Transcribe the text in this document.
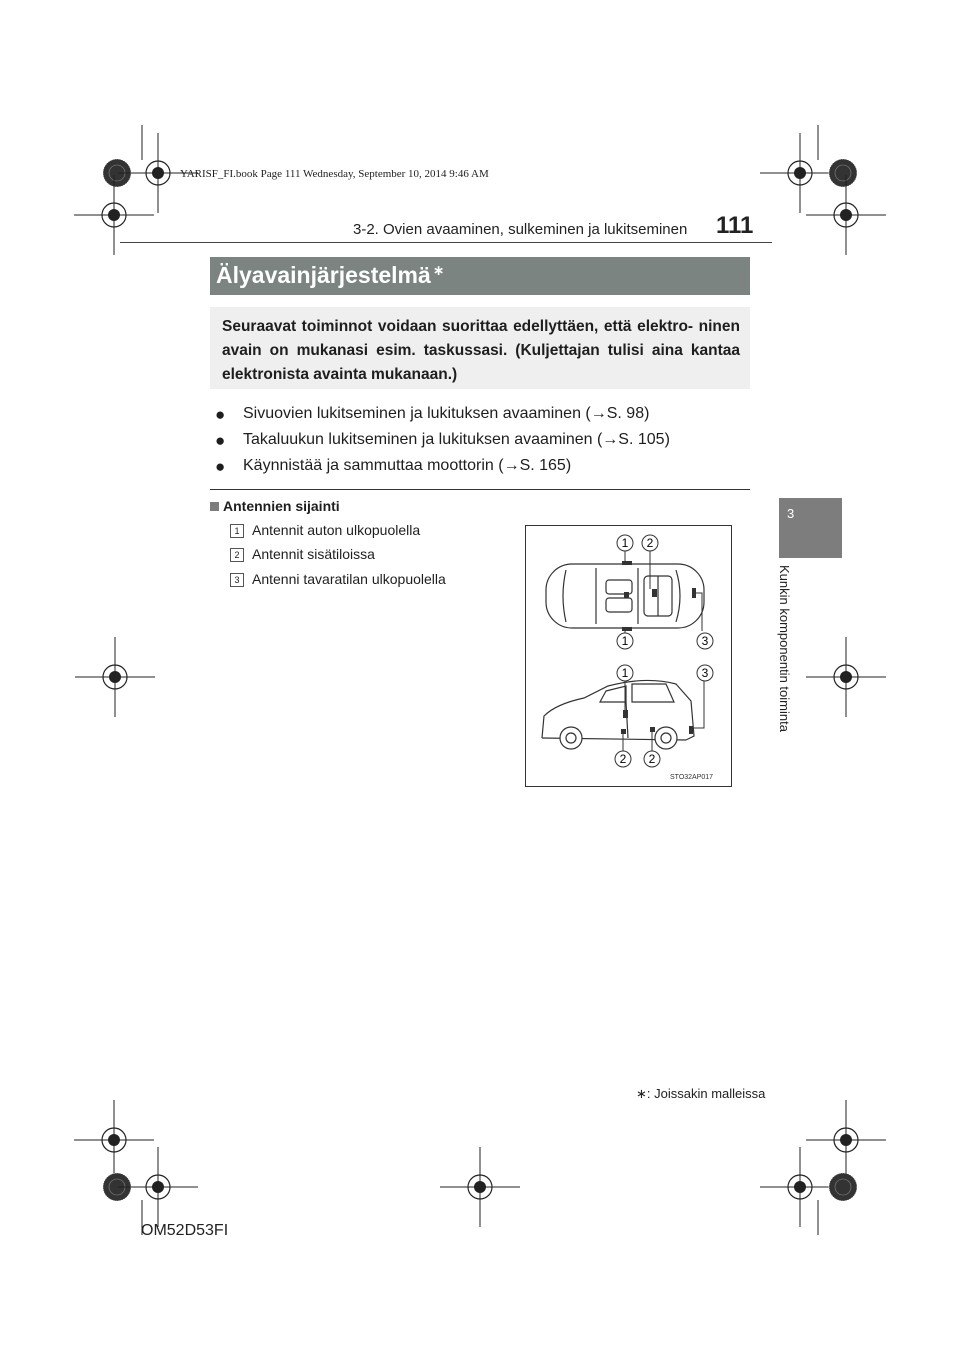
YARISF_FI.book Page 111 Wednesday, September 10, 2014 9:46 AM
3-2. Ovien avaaminen, sulkeminen ja lukitseminen 111
3
Kunkin komponentin toiminta
Älyavainjärjestelmä ∗

Seuraavat toiminnot voidaan suorittaa edellyttäen, että elektro- ninen avain on mukanasi esim. taskussasi. (Kuljettajan tulisi aina kantaa elektronista avainta mukanaan.)

● Sivuovien lukitseminen ja lukituksen avaaminen (→S. 98)
● Takaluukun lukitseminen ja lukituksen avaaminen (→S. 105)
● Käynnistää ja sammuttaa moottorin (→S. 165)
Antennien sijainti
1 Antennit auton ulkopuolella
2 Antennit sisätiloissa
3 Antenni tavaratilan ulkopuolella
1 2
1	3
1	3
2 2
STO32AP017
∗: Joissakin malleissa
OM52D53FI
